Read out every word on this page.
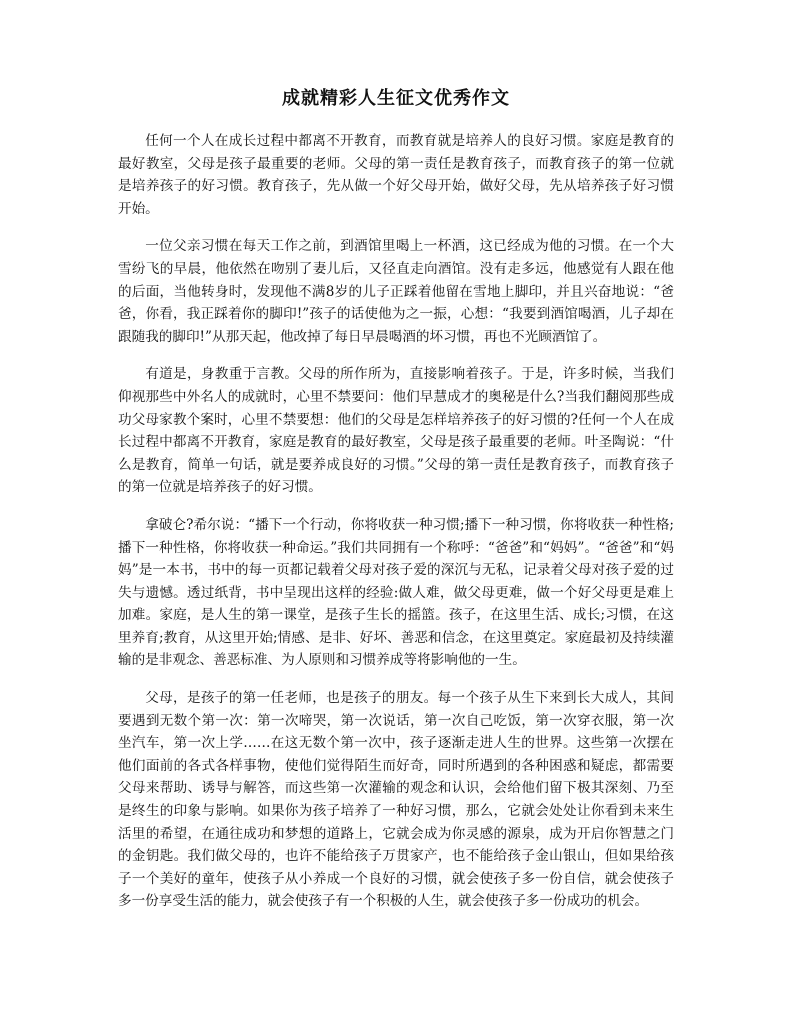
成就精彩人生征文优秀作文

任何一个人在成长过程中都离不开教育，而教育就是培养人的良好习惯。家庭是教育的最好教室，父母是孩子最重要的老师。父母的第一责任是教育孩子，而教育孩子的第一位就是培养孩子的好习惯。教育孩子，先从做一个好父母开始，做好父母，先从培养孩子好习惯开始。

一位父亲习惯在每天工作之前，到酒馆里喝上一杯酒，这已经成为他的习惯。在一个大雪纷飞的早晨，他依然在吻别了妻儿后，又径直走向酒馆。没有走多远，他感觉有人跟在他的后面，当他转身时，发现他不满8岁的儿子正踩着他留在雪地上脚印，并且兴奋地说：“爸爸，你看，我正踩着你的脚印!”孩子的话使他为之一振，心想：“我要到酒馆喝酒，儿子却在跟随我的脚印!”从那天起，他改掉了每日早晨喝酒的坏习惯，再也不光顾酒馆了。

有道是，身教重于言教。父母的所作所为，直接影响着孩子。于是，许多时候，当我们仰视那些中外名人的成就时，心里不禁要问：他们早慧成才的奥秘是什么?当我们翻阅那些成功父母家教个案时，心里不禁要想：他们的父母是怎样培养孩子的好习惯的?任何一个人在成长过程中都离不开教育，家庭是教育的最好教室，父母是孩子最重要的老师。叶圣陶说：“什么是教育，简单一句话，就是要养成良好的习惯。”父母的第一责任是教育孩子，而教育孩子的第一位就是培养孩子的好习惯。

拿破仑?希尔说：“播下一个行动，你将收获一种习惯;播下一种习惯，你将收获一种性格;播下一种性格，你将收获一种命运。”我们共同拥有一个称呼：“爸爸”和“妈妈”。“爸爸”和“妈妈”是一本书，书中的每一页都记载着父母对孩子爱的深沉与无私，记录着父母对孩子爱的过失与遗憾。透过纸背，书中呈现出这样的经验:做人难，做父母更难，做一个好父母更是难上加难。家庭，是人生的第一课堂，是孩子生长的摇篮。孩子，在这里生活、成长;习惯，在这里养育;教育，从这里开始;情感、是非、好坏、善恶和信念，在这里奠定。家庭最初及持续灌输的是非观念、善恶标准、为人原则和习惯养成等将影响他的一生。

父母，是孩子的第一任老师，也是孩子的朋友。每一个孩子从生下来到长大成人，其间要遇到无数个第一次：第一次啼哭，第一次说话，第一次自己吃饭，第一次穿衣服，第一次坐汽车，第一次上学……在这无数个第一次中，孩子逐渐走进人生的世界。这些第一次摆在他们面前的各式各样事物，使他们觉得陌生而好奇，同时所遇到的各种困惑和疑虑，都需要父母来帮助、诱导与解答，而这些第一次灌输的观念和认识，会给他们留下极其深刻、乃至是终生的印象与影响。如果你为孩子培养了一种好习惯，那么，它就会处处让你看到未来生活里的希望，在通往成功和梦想的道路上，它就会成为你灵感的源泉，成为开启你智慧之门的金钥匙。我们做父母的，也许不能给孩子万贯家产，也不能给孩子金山银山，但如果给孩子一个美好的童年，使孩子从小养成一个良好的习惯，就会使孩子多一份自信，就会使孩子多一份享受生活的能力，就会使孩子有一个积极的人生，就会使孩子多一份成功的机会。
